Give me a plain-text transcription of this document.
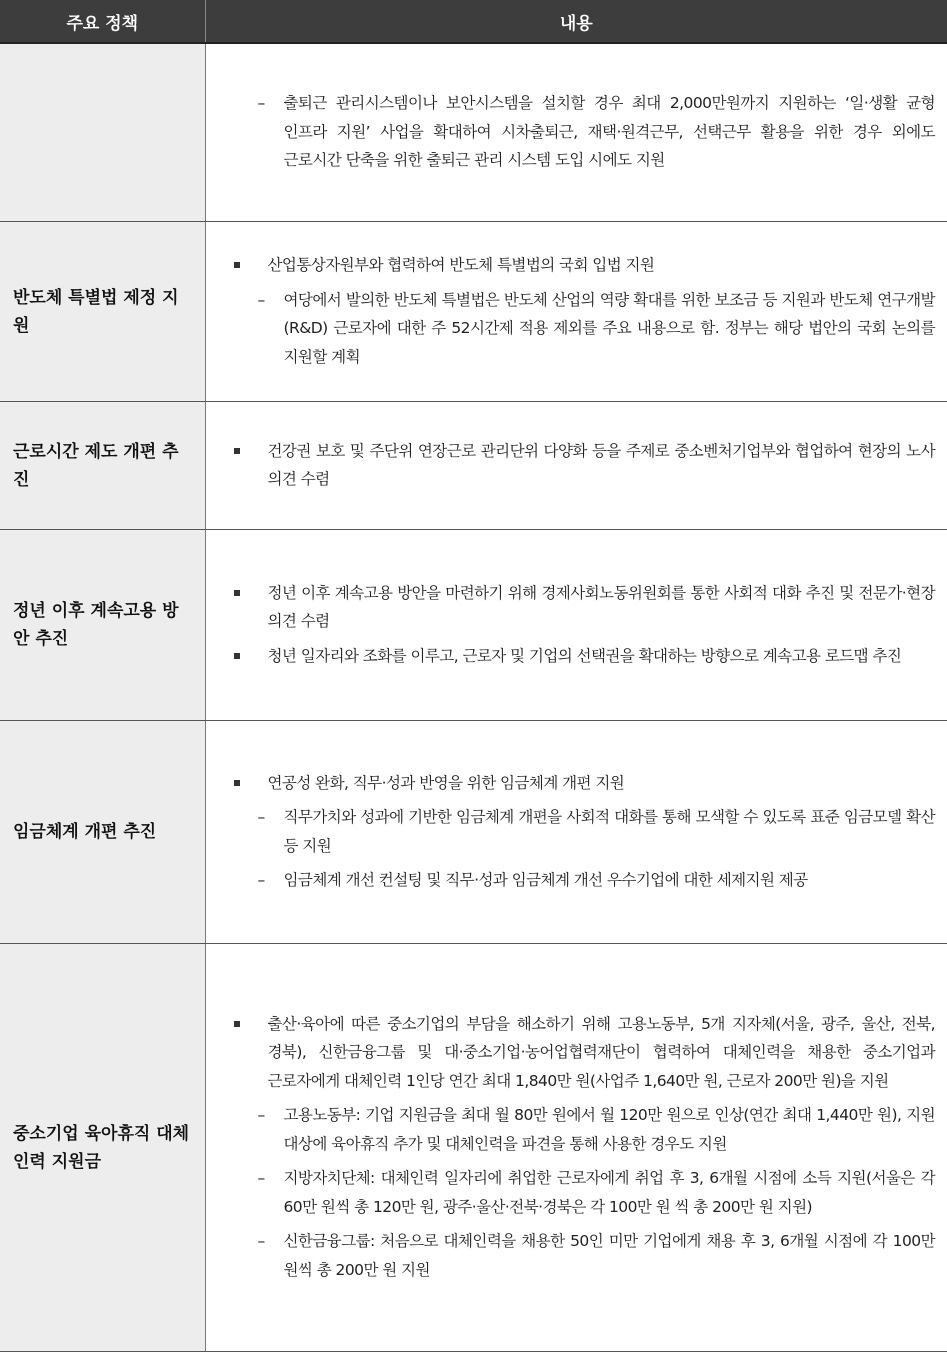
주요 정책	내용

	– 출퇴근 관리시스템이나 보안시스템을 설치할 경우 최대 2,000만원까지 지원하는 ‘일·생활 균형 인프라 지원’ 사업을 확대하여 시차출퇴근, 재택·원격근무, 선택근무 활용을 위한 경우 외에도 근로시간 단축을 위한 출퇴근 관리 시스템 도입 시에도 지원

반도체 특별법 제정 지원	산업통상자원부와 협력하여 반도체 특별법의 국회 입법 지원

– 여당에서 발의한 반도체 특별법은 반도체 산업의 역량 확대를 위한 보조금 등 지원과 반도체 연구개발(R&D) 근로자에 대한 주 52시간제 적용 제외를 주요 내용으로 함. 정부는 해당 법안의 국회 논의를 지원할 계획

근로시간 제도 개편 추진	건강권 보호 및 주단위 연장근로 관리단위 다양화 등을 주제로 중소벤처기업부와 협업하여 현장의 노사 의견 수렴

정년 이후 계속고용 방안 추진	정년 이후 계속고용 방안을 마련하기 위해 경제사회노동위원회를 통한 사회적 대화 추진 및 전문가·현장 의견 수렴

청년 일자리와 조화를 이루고, 근로자 및 기업의 선택권을 확대하는 방향으로 계속고용 로드맵 추진

임금체계 개편 추진	연공성 완화, 직무·성과 반영을 위한 임금체계 개편 지원

– 직무가치와 성과에 기반한 임금체계 개편을 사회적 대화를 통해 모색할 수 있도록 표준 임금모델 확산 등 지원

– 임금체계 개선 컨설팅 및 직무·성과 임금체계 개선 우수기업에 대한 세제지원 제공

중소기업 육아휴직 대체인력 지원금	출산·육아에 따른 중소기업의 부담을 해소하기 위해 고용노동부, 5개 지자체(서울, 광주, 울산, 전북, 경북), 신한금융그룹 및 대·중소기업·농어업협력재단이 협력하여 대체인력을 채용한 중소기업과 근로자에게 대체인력 1인당 연간 최대 1,840만 원(사업주 1,640만 원, 근로자 200만 원)을 지원

– 고용노동부: 기업 지원금을 최대 월 80만 원에서 월 120만 원으로 인상(연간 최대 1,440만 원), 지원 대상에 육아휴직 추가 및 대체인력을 파견을 통해 사용한 경우도 지원

– 지방자치단체: 대체인력 일자리에 취업한 근로자에게 취업 후 3, 6개월 시점에 소득 지원(서울은 각 60만 원씩 총 120만 원, 광주·울산·전북·경북은 각 100만 원 씩 총 200만 원 지원)

– 신한금융그룹: 처음으로 대체인력을 채용한 50인 미만 기업에게 채용 후 3, 6개월 시점에 각 100만 원씩 총 200만 원 지원
